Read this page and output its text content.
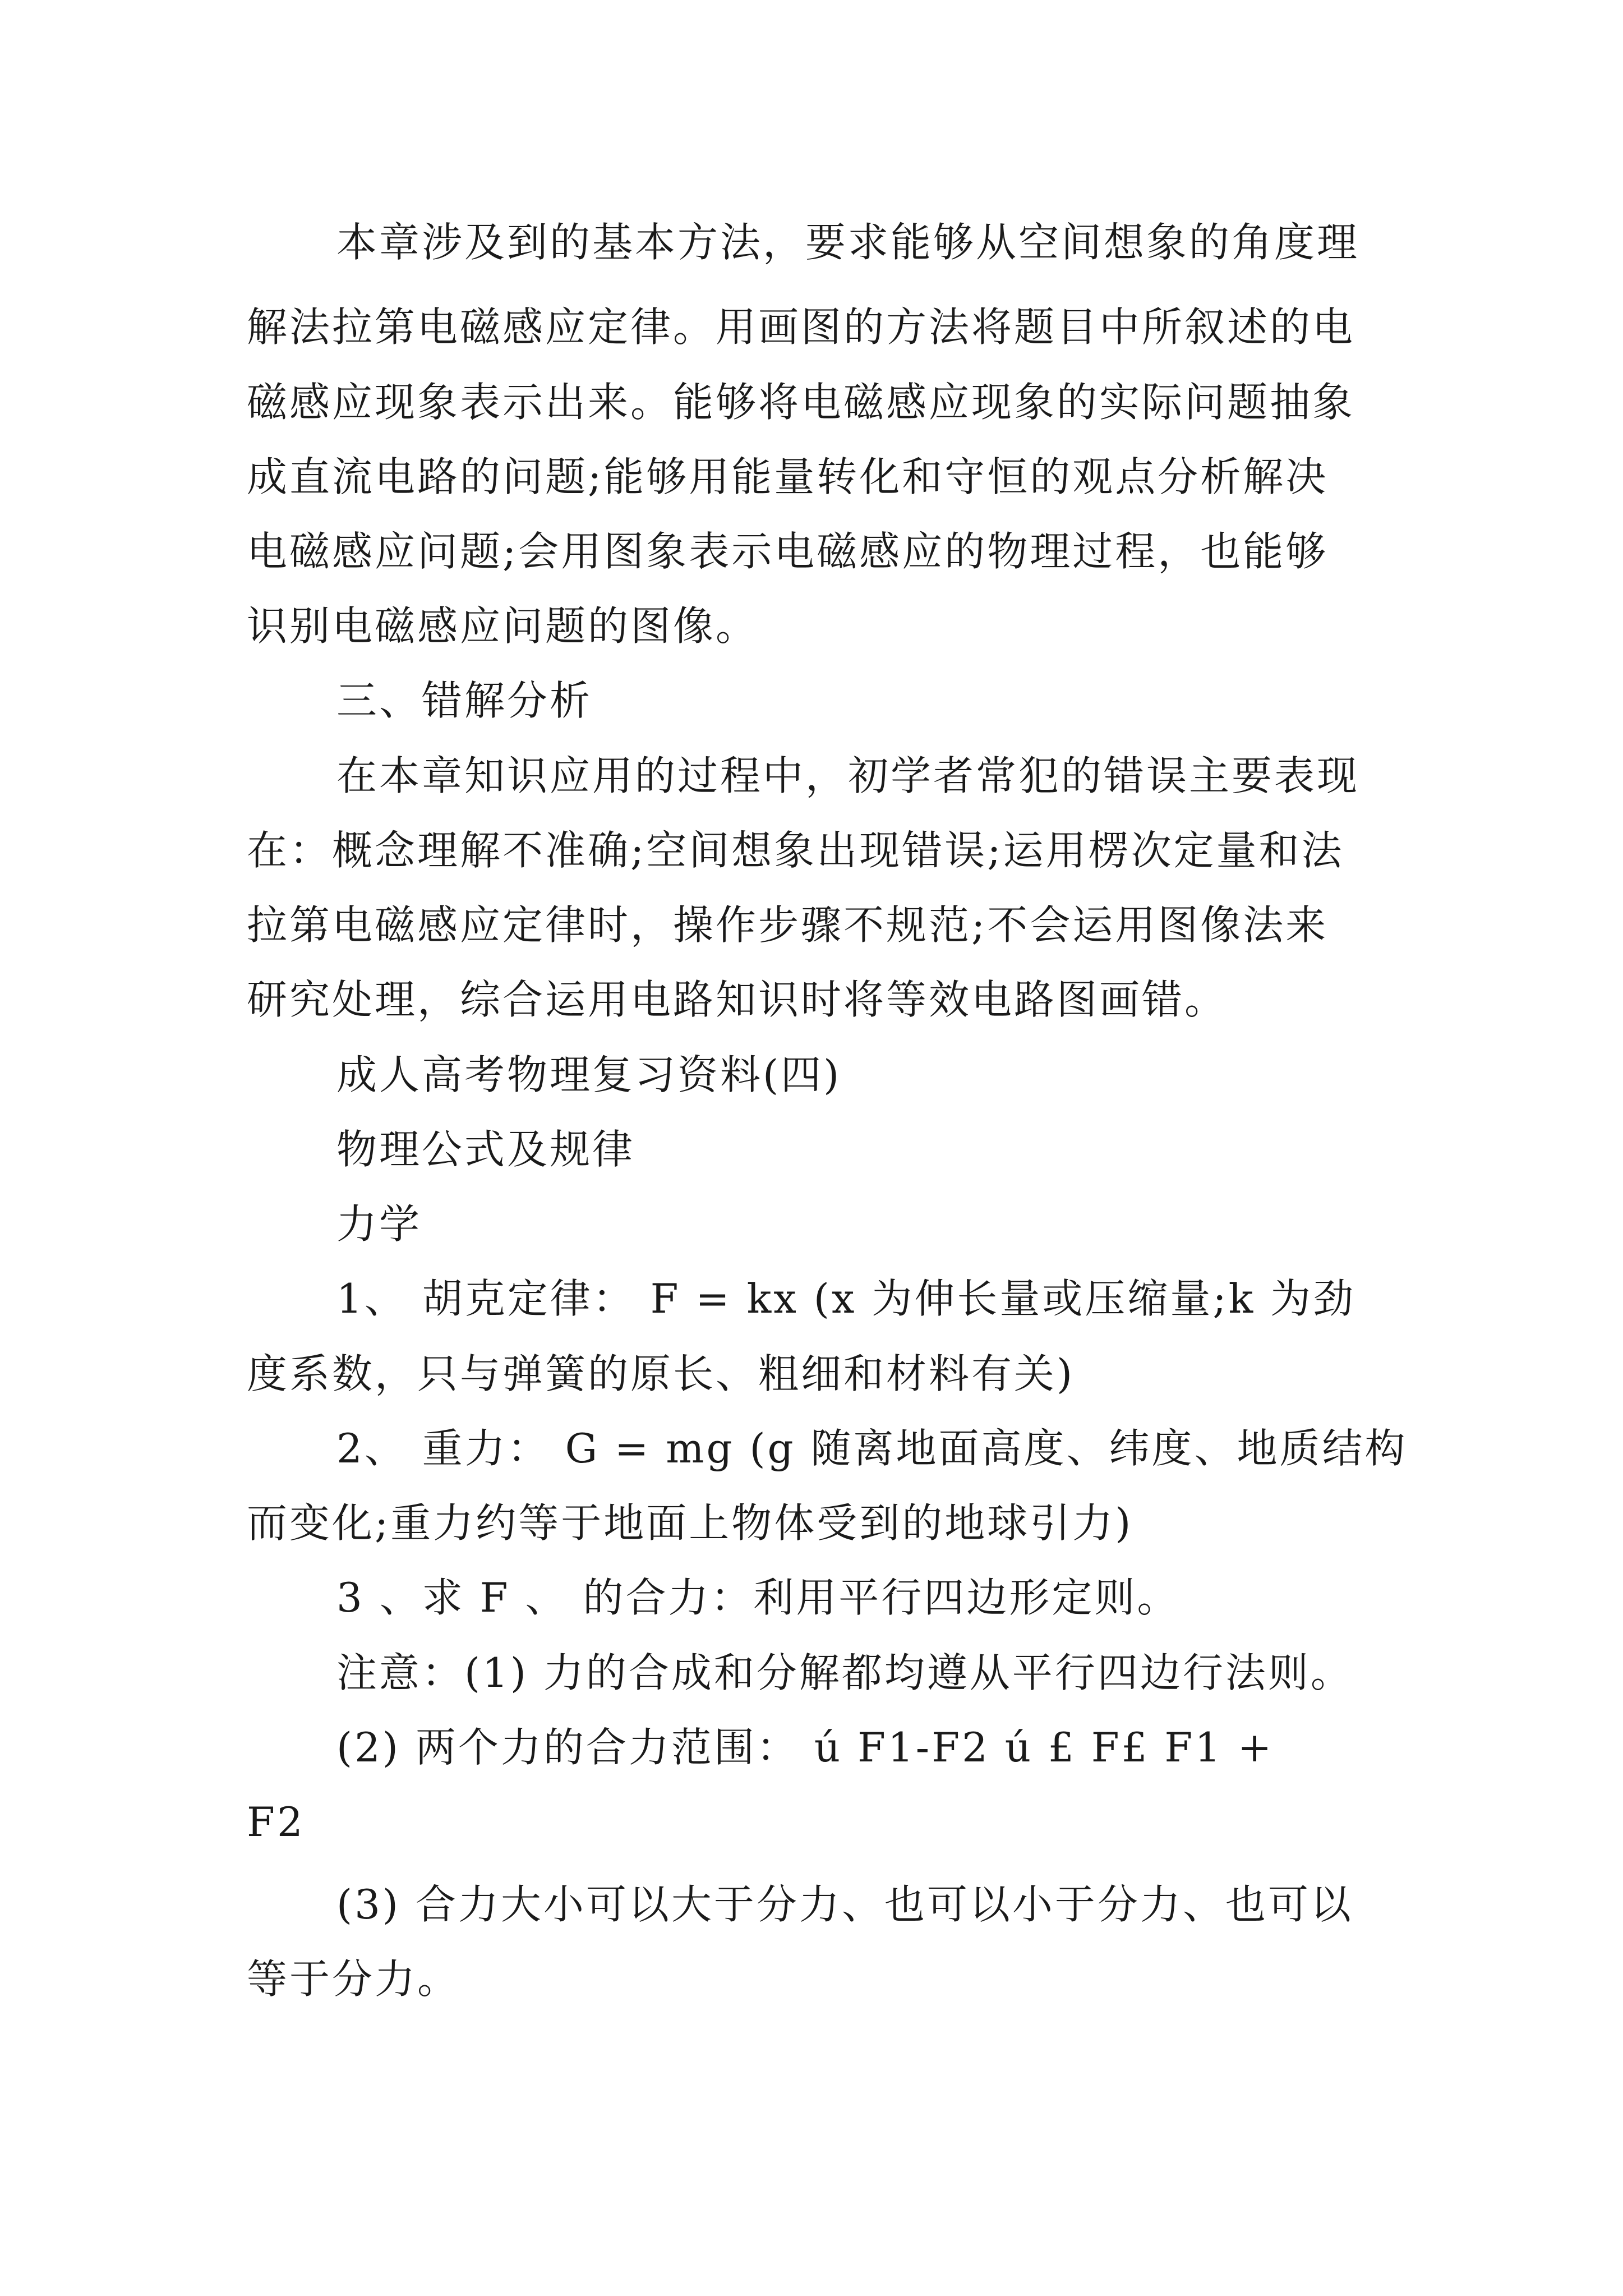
本章涉及到的基本方法，要求能够从空间想象的角度理
解法拉第电磁感应定律。用画图的方法将题目中所叙述的电
磁感应现象表示出来。能够将电磁感应现象的实际问题抽象
成直流电路的问题;能够用能量转化和守恒的观点分析解决
电磁感应问题;会用图象表示电磁感应的物理过程，也能够
识别电磁感应问题的图像。
三、错解分析
在本章知识应用的过程中，初学者常犯的错误主要表现
在：概念理解不准确;空间想象出现错误;运用楞次定量和法
拉第电磁感应定律时，操作步骤不规范;不会运用图像法来
研究处理，综合运用电路知识时将等效电路图画错。
成人高考物理复习资料(四)
物理公式及规律
力学
1、 胡克定律： F = kx (x 为伸长量或压缩量;k 为劲
度系数，只与弹簧的原长、粗细和材料有关)
2、 重力： G = mg (g 随离地面高度、纬度、地质结构
而变化;重力约等于地面上物体受到的地球引力)
3 、求 F 、 的合力：利用平行四边形定则。
注意：(1) 力的合成和分解都均遵从平行四边行法则。
(2) 两个力的合力范围： ú F1-F2 ú £ F£ F1 +
F2
(3) 合力大小可以大于分力、也可以小于分力、也可以
等于分力。
